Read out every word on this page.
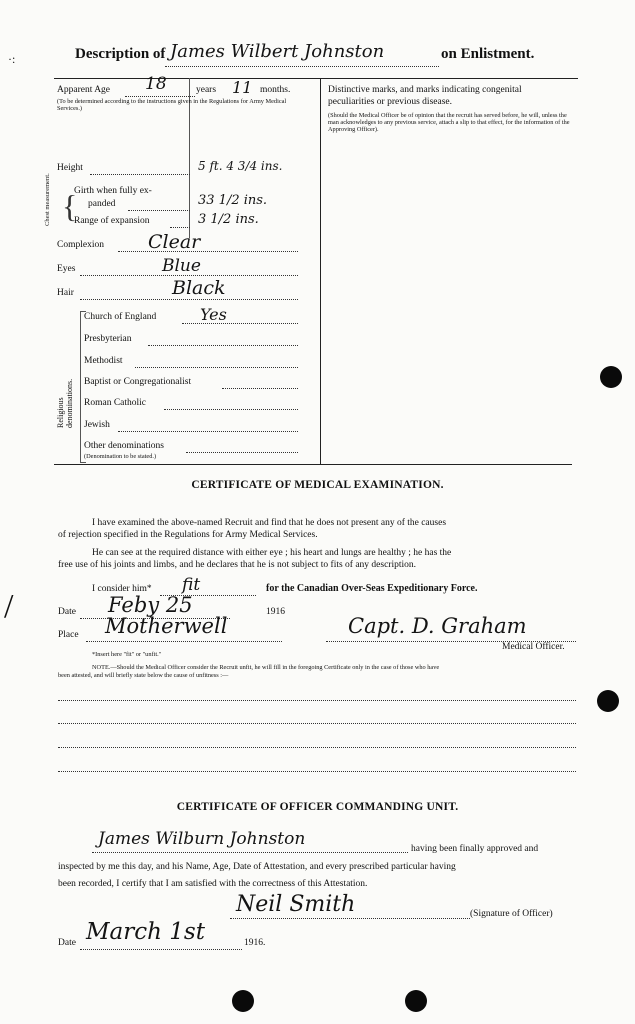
/
·:	Description of James Wilbert Johnston	on Enlistment.
Apparent Age 18	years 11 months.
(To be determined according to the instructions given in the Regulations for Army Medical Services.)
Height	5 ft. 4 3/4 ins.
Chest measurement. {
Girth when fully ex-
panded	33 1/2 ins.
Range of expansion	3 1/2 ins.
Complexion Clear
Eyes	Blue
Hair	Black
Religious denominations.
Church of England	Yes
Presbyterian
Methodist
Baptist or Congregationalist
Roman Catholic
Jewish
Other denominations
(Denomination to be stated.)
Distinctive marks, and marks indicating congenital
peculiarities or previous disease.
(Should the Medical Officer be of opinion that the recruit has served before, he will, unless the man acknowledges to any previous service, attach a slip to that effect, for the information of the Approving Officer).
CERTIFICATE OF MEDICAL EXAMINATION.
I have examined the above-named Recruit and find that he does not present any of the causes
of rejection specified in the Regulations for Army Medical Services.
He can see at the required distance with either eye ; his heart and lungs are healthy ; he has the
free use of his joints and limbs, and he declares that he is not subject to fits of any description.
I consider him* fit	for the Canadian Over-Seas Expeditionary Force.
Date Feby 25	1916
Place Motherwell	Capt. D. Graham
Medical Officer.
*Insert here "fit" or "unfit."
NOTE.—Should the Medical Officer consider the Recruit unfit, he will fill in the foregoing Certificate only in the case of those who have
been attested, and will briefly state below the cause of unfitness :—
CERTIFICATE OF OFFICER COMMANDING UNIT.
James Wilburn Johnston	having been finally approved and
inspected by me this day, and his Name, Age, Date of Attestation, and every prescribed particular having
been recorded, I certify that I am satisfied with the correctness of this Attestation.
Neil Smith	(Signature of Officer)
Date March 1st	1916.
